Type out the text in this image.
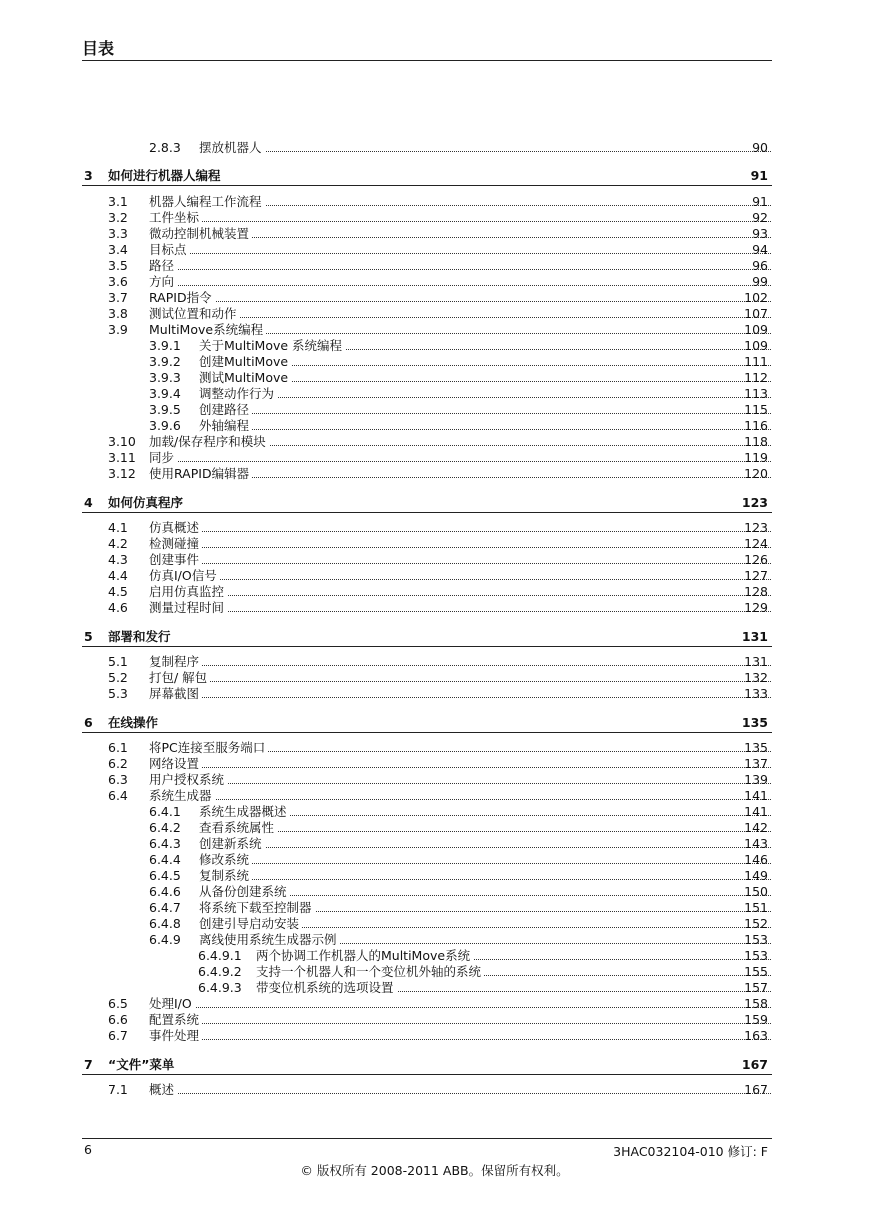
目表
2.8.3 摆放机器人	90
3 如何进行机器人编程	91
3.1 机器人编程工作流程	91
3.2 工件坐标	92
3.3 微动控制机械装置	93
3.4 目标点	94
3.5 路径	96
3.6 方向	99
3.7 RAPID指令	102
3.8 测试位置和动作	107
3.9 MultiMove系统编程	109
3.9.1 关于MultiMove 系统编程	109
3.9.2 创建MultiMove	111
3.9.3 测试MultiMove	112
3.9.4 调整动作行为	113
3.9.5 创建路径	115
3.9.6 外轴编程	116
3.10 加载/保存程序和模块	118
3.11 同步	119
3.12 使用RAPID编辑器	120
4 如何仿真程序	123
4.1 仿真概述	123
4.2 检测碰撞	124
4.3 创建事件	126
4.4 仿真I/O信号	127
4.5 启用仿真监控	128
4.6 测量过程时间	129
5 部署和发行	131
5.1 复制程序	131
5.2 打包/ 解包	132
5.3 屏幕截图	133
6 在线操作	135
6.1 将PC连接至服务端口	135
6.2 网络设置	137
6.3 用户授权系统	139
6.4 系统生成器	141
6.4.1 系统生成器概述	141
6.4.2 查看系统属性	142
6.4.3 创建新系统	143
6.4.4 修改系统	146
6.4.5 复制系统	149
6.4.6 从备份创建系统	150
6.4.7 将系统下载至控制器	151
6.4.8 创建引导启动安装	152
6.4.9 离线使用系统生成器示例	153
6.4.9.1 两个协调工作机器人的MultiMove系统	153
6.4.9.2 支持一个机器人和一个变位机外轴的系统	155
6.4.9.3 带变位机系统的选项设置	157
6.5 处理I/O	158
6.6 配置系统	159
6.7 事件处理	163
7 “文件”菜单	167
7.1 概述	167
6	3HAC032104-010 修订: F
© 版权所有 2008-2011 ABB。保留所有权利。
